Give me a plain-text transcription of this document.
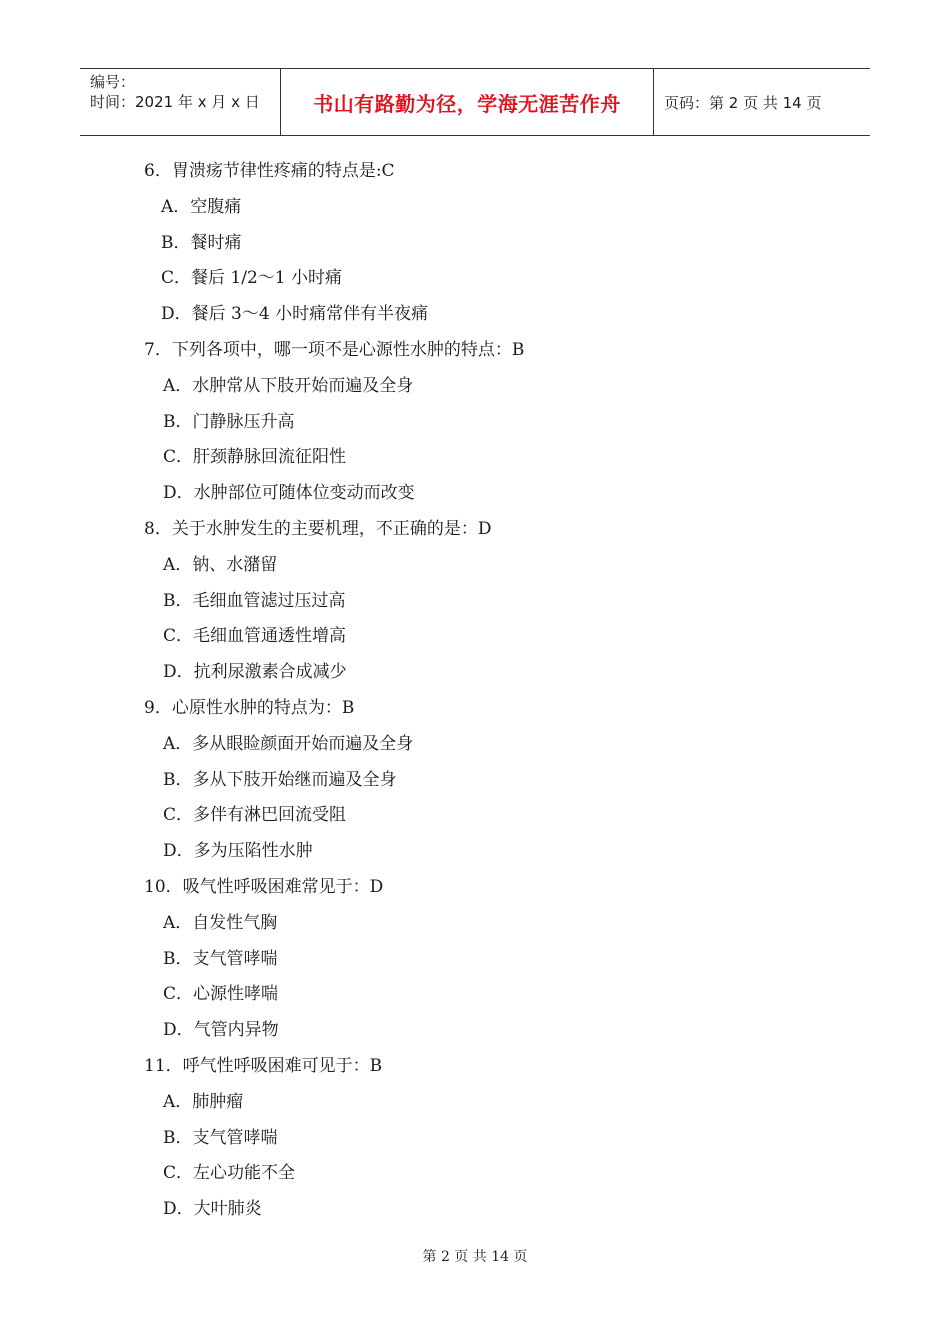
编号：
时间：2021 年 x 月 x 日	书山有路勤为径，学海无涯苦作舟	页码：第 2 页 共 14 页
6．胃溃疡节律性疼痛的特点是:C
A．空腹痛
B．餐时痛
C．餐后 1/2～1 小时痛
D．餐后 3～4 小时痛常伴有半夜痛
7．下列各项中，哪一项不是心源性水肿的特点：B
A．水肿常从下肢开始而遍及全身
B．门静脉压升高
C．肝颈静脉回流征阳性
D．水肿部位可随体位变动而改变
8．关于水肿发生的主要机理，不正确的是：D
A．钠、水潴留
B．毛细血管滤过压过高
C．毛细血管通透性增高
D．抗利尿激素合成减少
9．心原性水肿的特点为：B
A．多从眼睑颜面开始而遍及全身
B．多从下肢开始继而遍及全身
C．多伴有淋巴回流受阻
D．多为压陷性水肿
10．吸气性呼吸困难常见于：D
A．自发性气胸
B．支气管哮喘
C．心源性哮喘
D．气管内异物
11．呼气性呼吸困难可见于：B
A．肺肿瘤
B．支气管哮喘
C．左心功能不全
D．大叶肺炎
第 2 页 共 14 页
